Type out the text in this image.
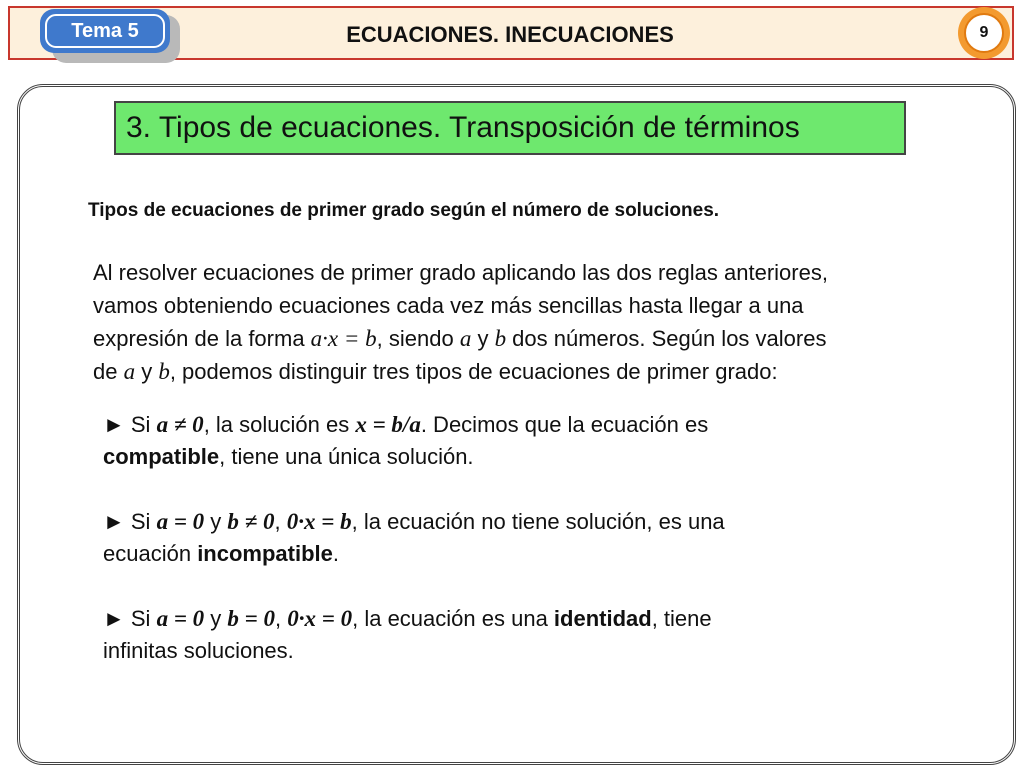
Tema 5	ECUACIONES. INECUACIONES	9
3. Tipos de ecuaciones. Transposición de términos
Tipos de ecuaciones de primer grado según el número de soluciones.

Al resolver ecuaciones de primer grado aplicando las dos reglas anteriores,

vamos obteniendo ecuaciones cada vez más sencillas hasta llegar a una

expresión de la forma a·x = b, siendo a y b dos números. Según los valores

de a y b, podemos distinguir tres tipos de ecuaciones de primer grado:

► Si a ≠ 0, la solución es x = b/a. Decimos que la ecuación es

compatible, tiene una única solución.

► Si a = 0 y b ≠ 0, 0·x = b, la ecuación no tiene solución, es una

ecuación incompatible.

► Si a = 0 y b = 0, 0·x = 0, la ecuación es una identidad, tiene

infinitas soluciones.
